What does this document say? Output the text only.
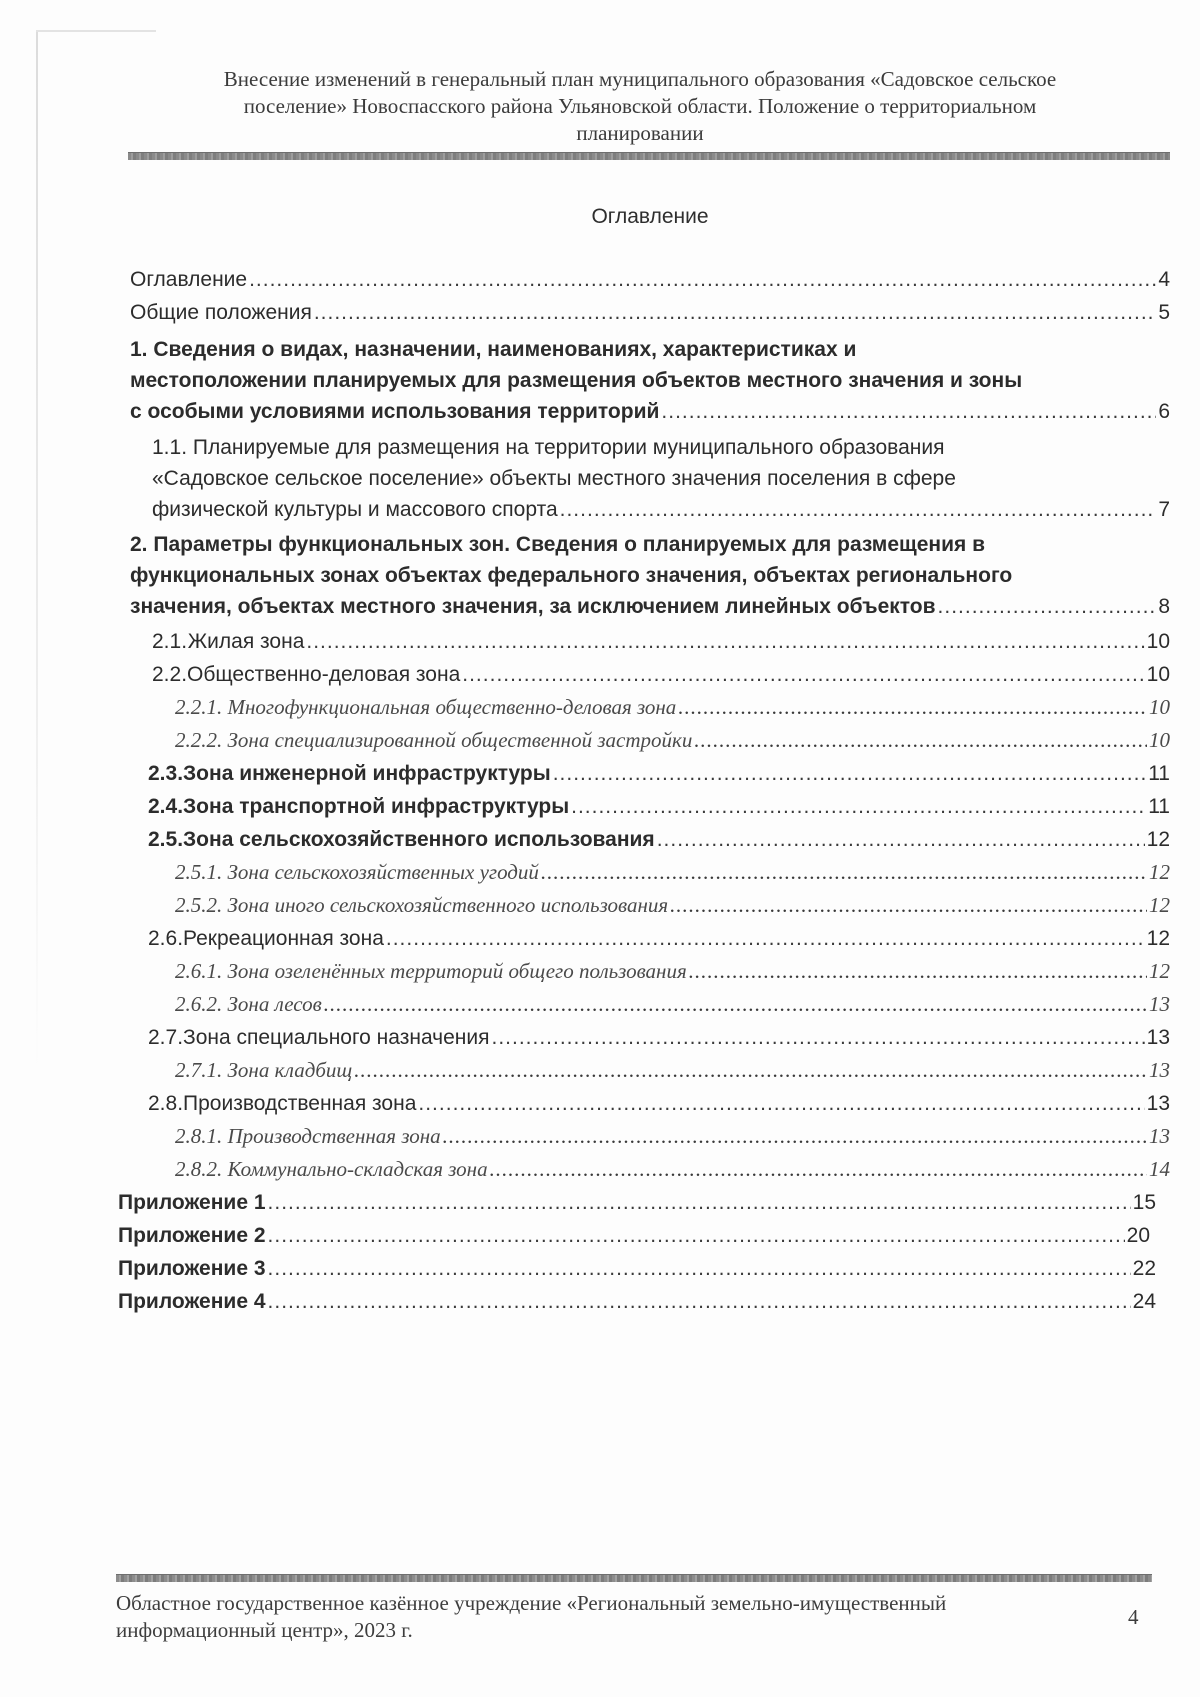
Внесение изменений в генеральный план муниципального образования «Садовское сельское
поселение» Новоспасского района Ульяновской области. Положение о территориальном
планировании
Оглавление
Оглавление .....	4
Общие положения .....	5
1. Сведения о видах, назначении, наименованиях, характеристиках и
местоположении планируемых для размещения объектов местного значения и зоны
с особыми условиями использования территорий .....	6
1.1. Планируемые для размещения на территории муниципального образования
«Садовское сельское поселение» объекты местного значения поселения в сфере
физической культуры и массового спорта .....	7
2. Параметры функциональных зон. Сведения о планируемых для размещения в
функциональных зонах объектах федерального значения, объектах регионального
значения, объектах местного значения, за исключением линейных объектов .....	8
2.1. Жилая зона .....	10
2.2. Общественно-деловая зона .....	10
2.2.1. Многофункциональная общественно-деловая зона .....	10
2.2.2. Зона специализированной общественной застройки .....	10
2.3. Зона инженерной инфраструктуры .....	11
2.4. Зона транспортной инфраструктуры .....	11
2.5. Зона сельскохозяйственного использования .....	12
2.5.1. Зона сельскохозяйственных угодий .....	12
2.5.2. Зона иного сельскохозяйственного использования .....	12
2.6. Рекреационная зона .....	12
2.6.1. Зона озеленённых территорий общего пользования .....	12
2.6.2. Зона лесов .....	13
2.7. Зона специального назначения .....	13
2.7.1. Зона кладбищ .....	13
2.8. Производственная зона .....	13
2.8.1. Производственная зона .....	13
2.8.2. Коммунально-складская зона .....	14
Приложение 1 .....	15
Приложение 2 .....	20
Приложение 3 .....	22
Приложение 4 .....	24
Областное государственное казённое учреждение «Региональный земельно-имущественный
информационный центр», 2023 г.
4
